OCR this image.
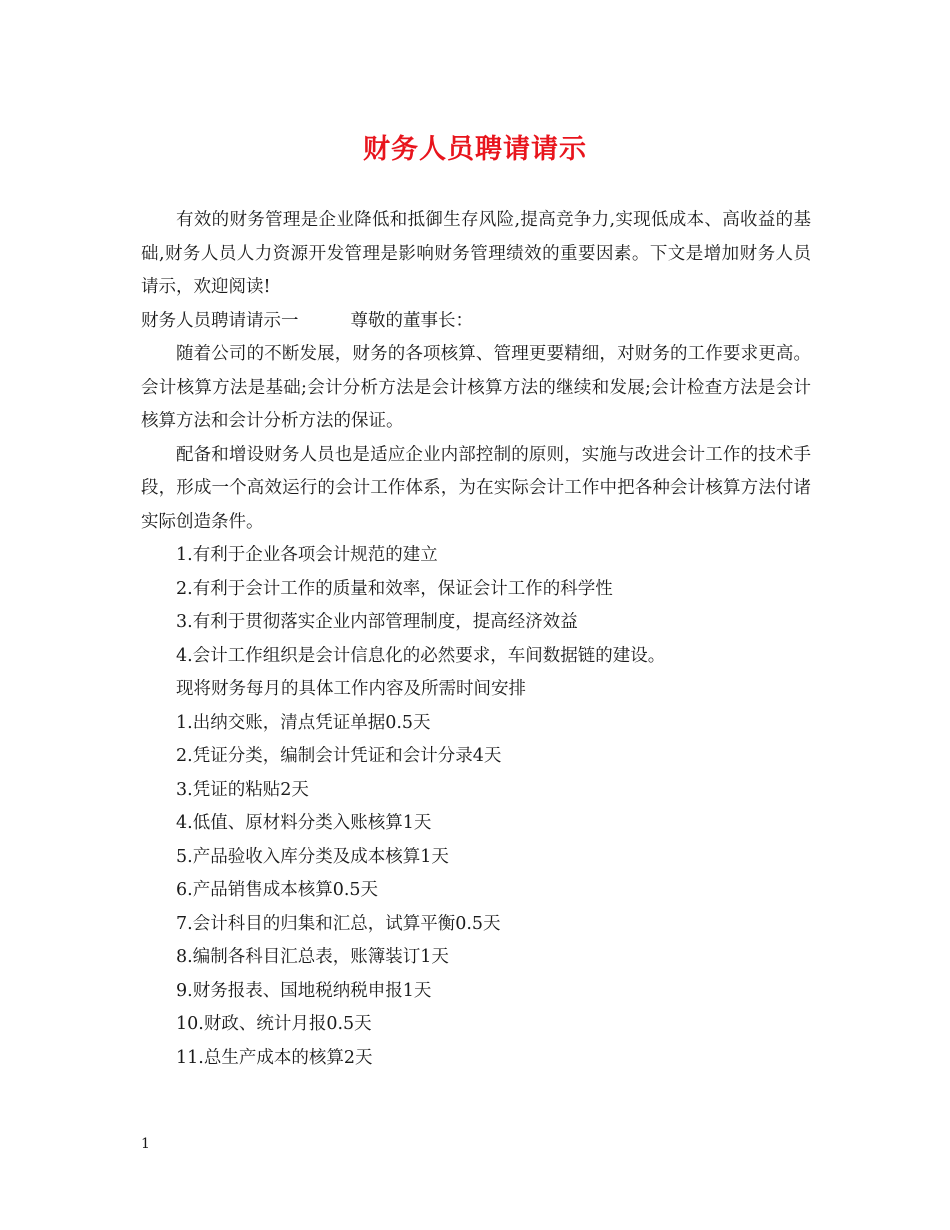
财务人员聘请请示

有效的财务管理是企业降低和抵御生存风险,提高竞争力,实现低成本、高收益的基础,财务人员人力资源开发管理是影响财务管理绩效的重要因素。下文是增加财务人员请示，欢迎阅读!

财务人员聘请请示一	尊敬的董事长：

随着公司的不断发展，财务的各项核算、管理更要精细，对财务的工作要求更高。会计核算方法是基础;会计分析方法是会计核算方法的继续和发展;会计检查方法是会计核算方法和会计分析方法的保证。

配备和增设财务人员也是适应企业内部控制的原则，实施与改进会计工作的技术手段，形成一个高效运行的会计工作体系，为在实际会计工作中把各种会计核算方法付诸实际创造条件。

1.有利于企业各项会计规范的建立

2.有利于会计工作的质量和效率，保证会计工作的科学性

3.有利于贯彻落实企业内部管理制度，提高经济效益

4.会计工作组织是会计信息化的必然要求，车间数据链的建设。

现将财务每月的具体工作内容及所需时间安排

1.出纳交账，清点凭证单据0.5天

2.凭证分类，编制会计凭证和会计分录4天

3.凭证的粘贴2天

4.低值、原材料分类入账核算1天

5.产品验收入库分类及成本核算1天

6.产品销售成本核算0.5天

7.会计科目的归集和汇总，试算平衡0.5天

8.编制各科目汇总表，账簿装订1天

9.财务报表、国地税纳税申报1天

10.财政、统计月报0.5天

11.总生产成本的核算2天

1
